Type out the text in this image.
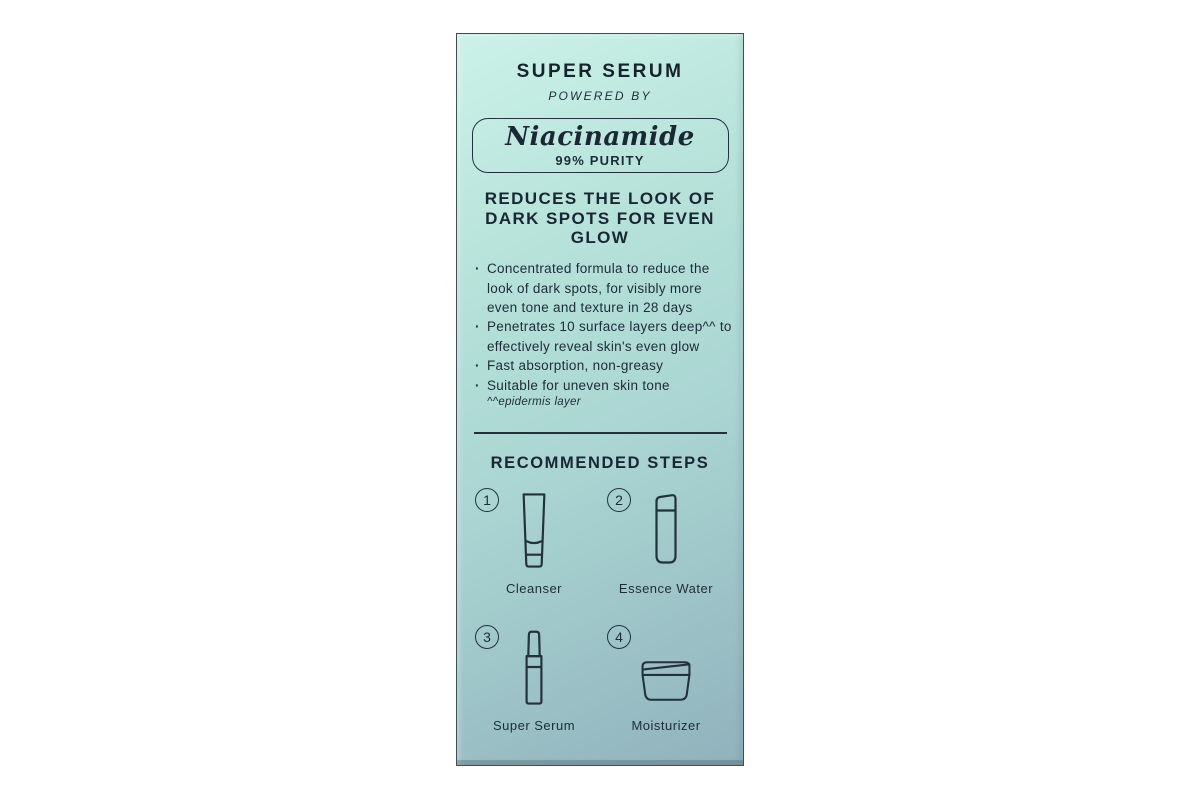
SUPER SERUM
POWERED BY
Niacinamide
99% PURITY
REDUCES THE LOOK OF DARK SPOTS FOR EVEN GLOW
· Concentrated formula to reduce the look of dark spots, for visibly more even tone and texture in 28 days
· Penetrates 10 surface layers deep^^ to effectively reveal skin's even glow
· Fast absorption, non-greasy
· Suitable for uneven skin tone
^^epidermis layer
RECOMMENDED STEPS
1
Cleanser
2
Essence Water
3
Super Serum
4
Moisturizer
